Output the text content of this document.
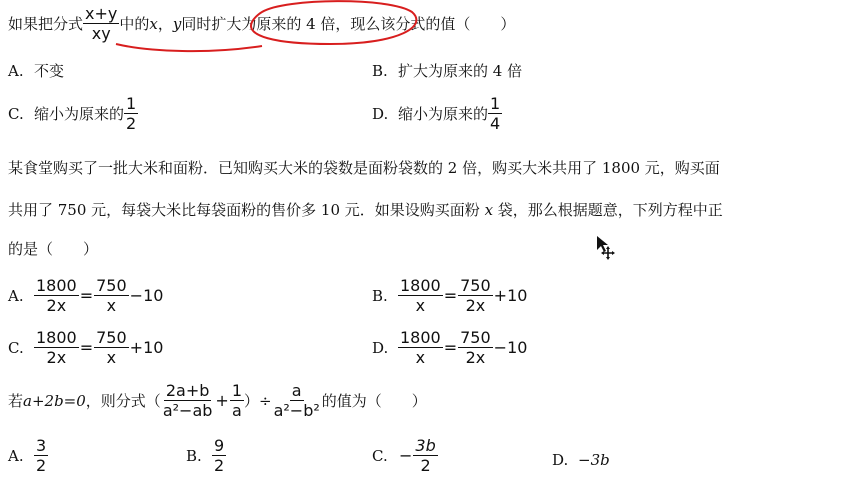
如果把分式 $\frac{x+y}{xy}$ 中的 x ， y 同时扩大为原来的 4 倍，现么该分式的值（　　）
A. 不变	B. 扩大为原来的 4 倍
C. 缩小为原来的 $\frac{1}{2}$	D. 缩小为原来的 $\frac{1}{4}$
某食堂购买了一批大米和面粉．已知购买大米的袋数是面粉袋数的 2 倍，购买大米共用了 1800 元，购买面
共用了 750 元，每袋大米比每袋面粉的售价多 10 元．如果设购买面粉 x 袋，那么根据题意，下列方程中正
的是（　　）
A. $\frac{1800}{2x} = \frac{750}{x} -10$	B. $\frac{1800}{x} = \frac{750}{2x} +10$
C. $\frac{1800}{2x} = \frac{750}{x} +10$	D. $\frac{1800}{x} = \frac{750}{2x} -10$
若 a+2b=0 ，则分式（ $\frac{2a+b}{\text{a²−ab}} + \frac{1}{a}$ ）÷ $\frac{a}{\text{a²−b²}}$ 的值为（　　）
A. $\frac{3}{2}$	B. $\frac{9}{2}$	C. − $\frac{3b}{2}$	D. −3b
